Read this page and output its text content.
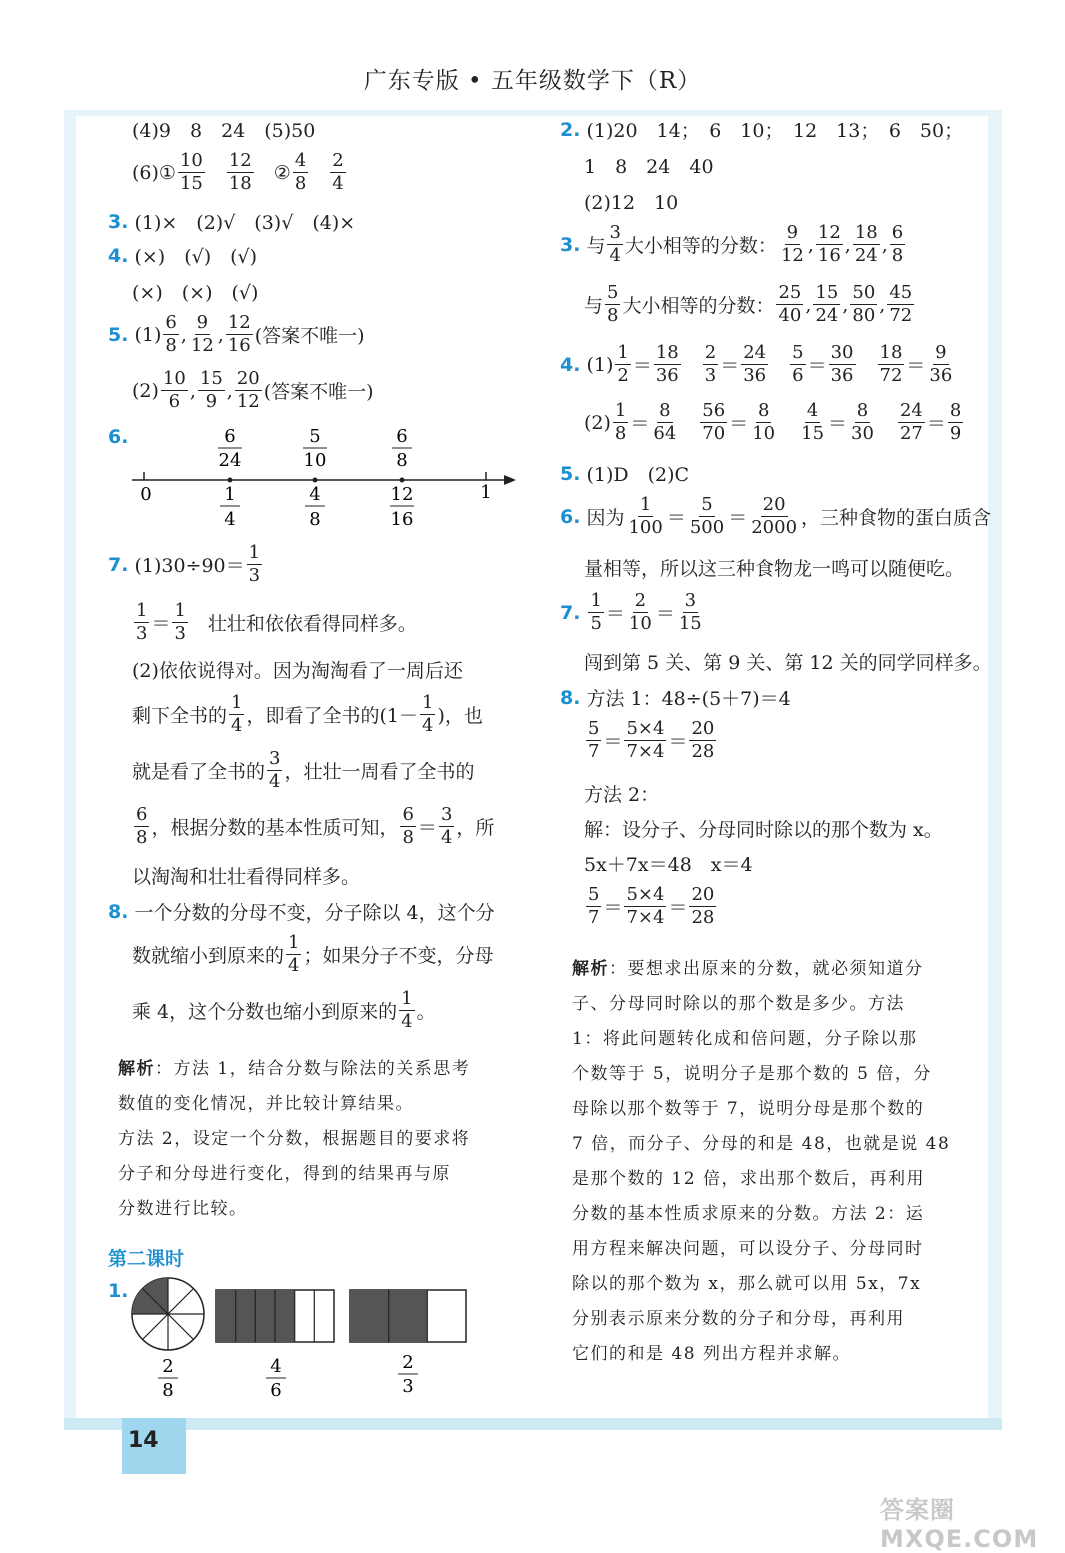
广东专版 • 五年级数学下（R）
(4)9　8　24　(5)50
(6)① $\frac{10}{15} \frac{12}{18}$ ② $\frac{4}{8} \frac{2}{4}$
3. (1)×　(2)√　(3)√　(4)×
4. (×)　(√)　(√)
(×)　(×)　(√)
5. $(1) \frac{6}{8}$ , $\frac{9}{12}$ , $\frac{12}{16}$ (答案不唯一)
$(2) \frac{10}{6}$ , $\frac{15}{9}$ , $\frac{20}{12}$ (答案不唯一)
6.	6
24
5
10
6
8
0	1
1
4
4
8
12
16
7. $(1)30\div 90= \frac{1}{3}$
$\frac{1}{3} = \frac{1}{3}$ 壮壮和依依看得同样多。
(2)依依说得对。因为淘淘看了一周后还
剩下全书的 $\frac{1}{4}$ ，即看了全书的($1- \frac{1}{4}$ )，也
就是看了全书的 $\frac{3}{4}$ ，壮壮一周看了全书的
$\frac{6}{8}$ ，根据分数的基本性质可知， $\frac{6}{8} = \frac{3}{4}$ ，所
以淘淘和壮壮看得同样多。
8. 一个分数的分母不变，分子除以 4，这个分
数就缩小到原来的 $\frac{1}{4}$ ；如果分子不变，分母
乘 4，这个分数也缩小到原来的 $\frac{1}{4}$ 。
解析：方法 1，结合分数与除法的关系思考
数值的变化情况，并比较计算结果。
方法 2，设定一个分数，根据题目的要求将
分子和分母进行变化，得到的结果再与原
分数进行比较。
第二课时
1.
2
8
4
6
2
3
2. (1)20　14；　6　10；　12　13；　6　50；
1　8　24　40
(2)12　10
3. 与 $\frac{3}{4}$ 大小相等的分数： $\frac{9}{12}$ , $\frac{12}{16}$ , $\frac{18}{24}$ , $\frac{6}{8}$
与 $\frac{5}{8}$ 大小相等的分数： $\frac{25}{40}$ , $\frac{15}{24}$ , $\frac{50}{80}$ , $\frac{45}{72}$
4. $(1) \frac{1}{2} = \frac{18}{36} \frac{2}{3} = \frac{24}{36} \frac{5}{6} = \frac{30}{36} \frac{18}{72} = \frac{9}{36}$
$(2) \frac{1}{8} = \frac{8}{64} \frac{56}{70} = \frac{8}{10} \frac{4}{15} = \frac{8}{30} \frac{24}{27} = \frac{8}{9}$
5. (1)D　(2)C
6. 因为 $\frac{1}{100} = \frac{5}{500} = \frac{20}{2000}$ ，三种食物的蛋白质含
量相等，所以这三种食物龙一鸣可以随便吃。
7. $\frac{1}{5} = \frac{2}{10} = \frac{3}{15}$
闯到第 5 关、第 9 关、第 12 关的同学同样多。
8. 方法 1：48÷(5＋7)＝4
$\frac{5}{7} = \frac{5\times 4}{7\times 4} = \frac{20}{28}$
方法 2：
解：设分子、分母同时除以的那个数为 x。
5x＋7x＝48　x＝4
$\frac{5}{7} = \frac{5\times 4}{7\times 4} = \frac{20}{28}$
解析：要想求出原来的分数，就必须知道分
子、分母同时除以的那个数是多少。方法
1：将此问题转化成和倍问题，分子除以那
个数等于 5，说明分子是那个数的 5 倍，分
母除以那个数等于 7，说明分母是那个数的
7 倍，而分子、分母的和是 48，也就是说 48
是那个数的 12 倍，求出那个数后，再利用
分数的基本性质求原来的分数。方法 2：运
用方程来解决问题，可以设分子、分母同时
除以的那个数为 x，那么就可以用 5x，7x
分别表示原来分数的分子和分母，再利用
它们的和是 48 列出方程并求解。
14
答案圈 MXQE.COM
